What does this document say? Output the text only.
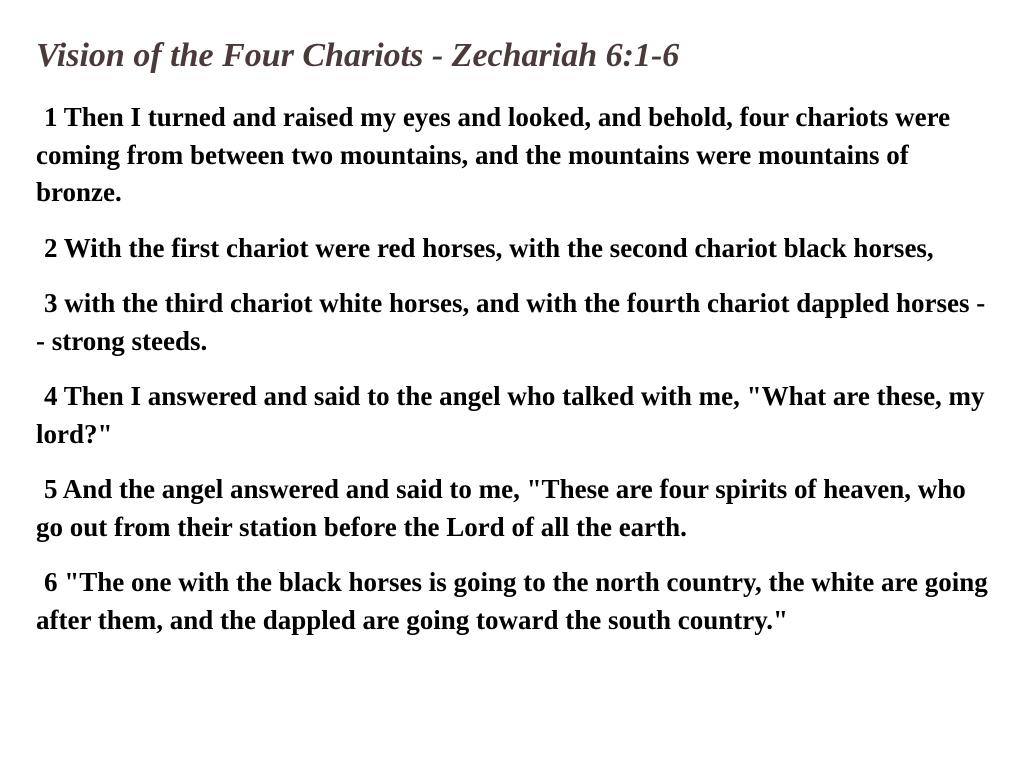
Vision of the Four Chariots - Zechariah 6:1-6

1 Then I turned and raised my eyes and looked, and behold, four chariots were coming from between two mountains, and the mountains were mountains of bronze.

2 With the first chariot were red horses, with the second chariot black horses,

3 with the third chariot white horses, and with the fourth chariot dappled horses -- strong steeds.

4 Then I answered and said to the angel who talked with me, "What are these, my lord?"

5 And the angel answered and said to me, "These are four spirits of heaven, who go out from their station before the Lord of all the earth.

6 "The one with the black horses is going to the north country, the white are going after them, and the dappled are going toward the south country."
